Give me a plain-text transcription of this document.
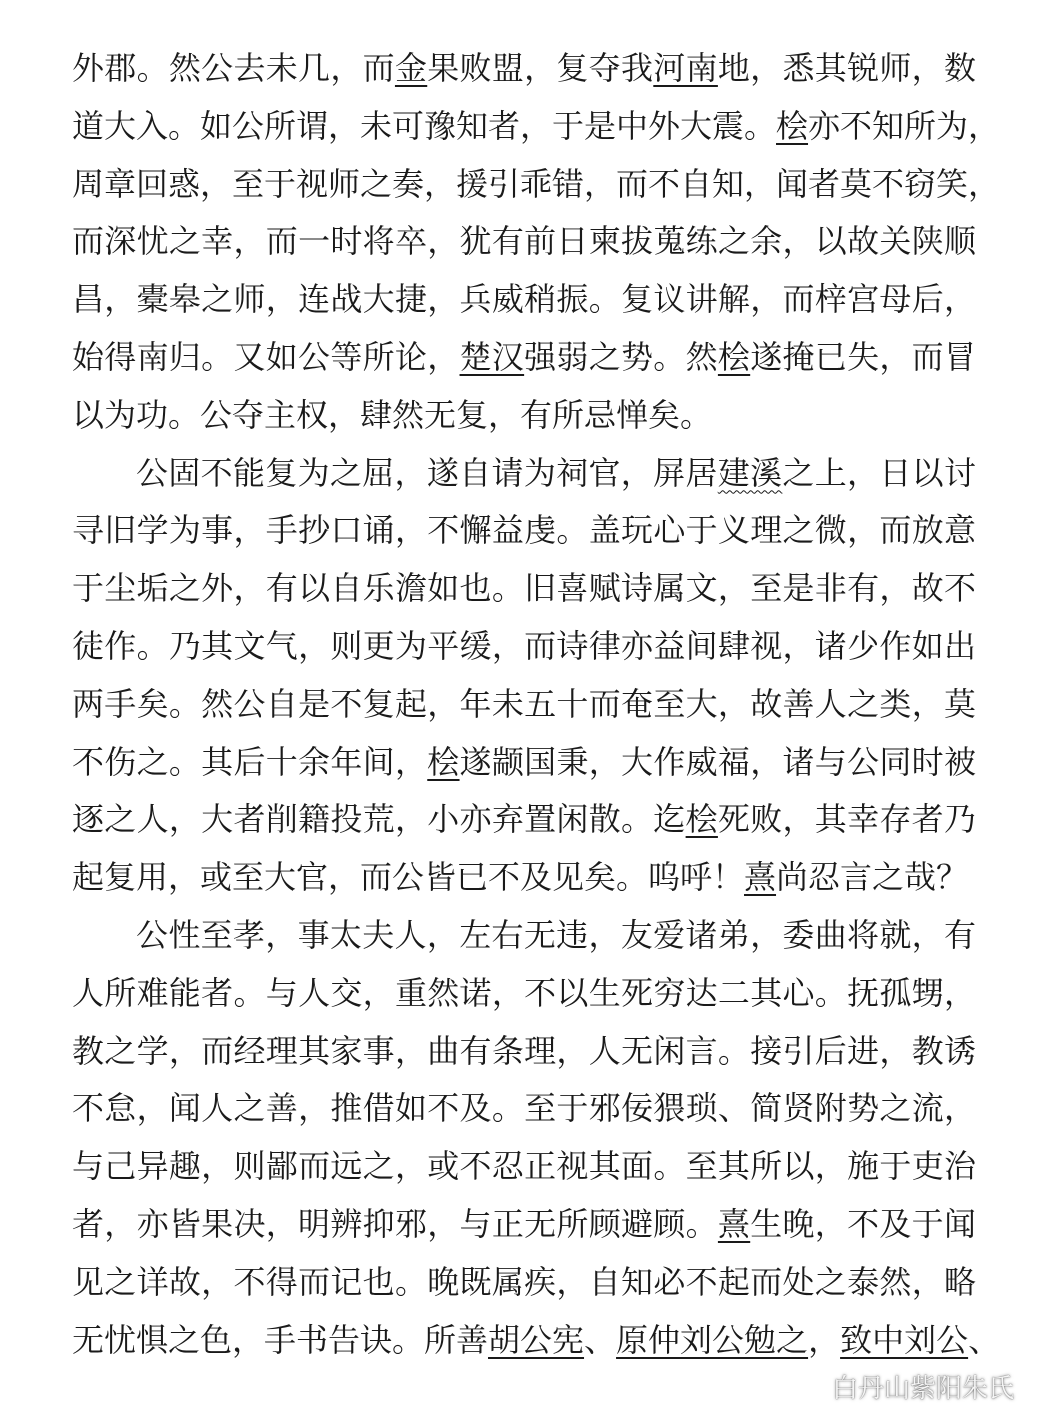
外郡。然公去未几，而金果败盟，复夺我河南地，悉其锐师，数
道大入。如公所谓，未可豫知者，于是中外大震。桧亦不知所为，
周章回惑，至于视师之奏，援引乖错，而不自知，闻者莫不窃笑，
而深忧之幸，而一时将卒，犹有前日柬拔蒐练之余，以故关陕顺
昌，橐皋之师，连战大捷，兵威稍振。复议讲解，而梓宫母后，
始得南归。又如公等所论，楚汉强弱之势。然桧遂掩已失，而冒
以为功。公夺主权，肆然无复，有所忌惮矣。
公固不能复为之屈，遂自请为祠官，屏居建溪之上，日以讨
寻旧学为事，手抄口诵，不懈益虔。盖玩心于义理之微，而放意
于尘垢之外，有以自乐澹如也。旧喜赋诗属文，至是非有，故不
徒作。乃其文气，则更为平缓，而诗律亦益间肆视，诸少作如出
两手矣。然公自是不复起，年未五十而奄至大，故善人之类，莫
不伤之。其后十余年间，桧遂颛国秉，大作威福，诸与公同时被
逐之人，大者削籍投荒，小亦弃置闲散。迄桧死败，其幸存者乃
起复用，或至大官，而公皆已不及见矣。呜呼！熹尚忍言之哉？
公性至孝，事太夫人，左右无违，友爱诸弟，委曲将就，有
人所难能者。与人交，重然诺，不以生死穷达二其心。抚孤甥，
教之学，而经理其家事，曲有条理，人无闲言。接引后进，教诱
不怠，闻人之善，推借如不及。至于邪佞猥琐、简贤附势之流，
与己异趣，则鄙而远之，或不忍正视其面。至其所以，施于吏治
者，亦皆果决，明辨抑邪，与正无所顾避顾。熹生晚，不及于闻
见之详故，不得而记也。晚既属疾，自知必不起而处之泰然，略
无忧惧之色，手书告诀。所善胡公宪、原仲刘公勉之，致中刘公、
白丹山紫阳朱氏
